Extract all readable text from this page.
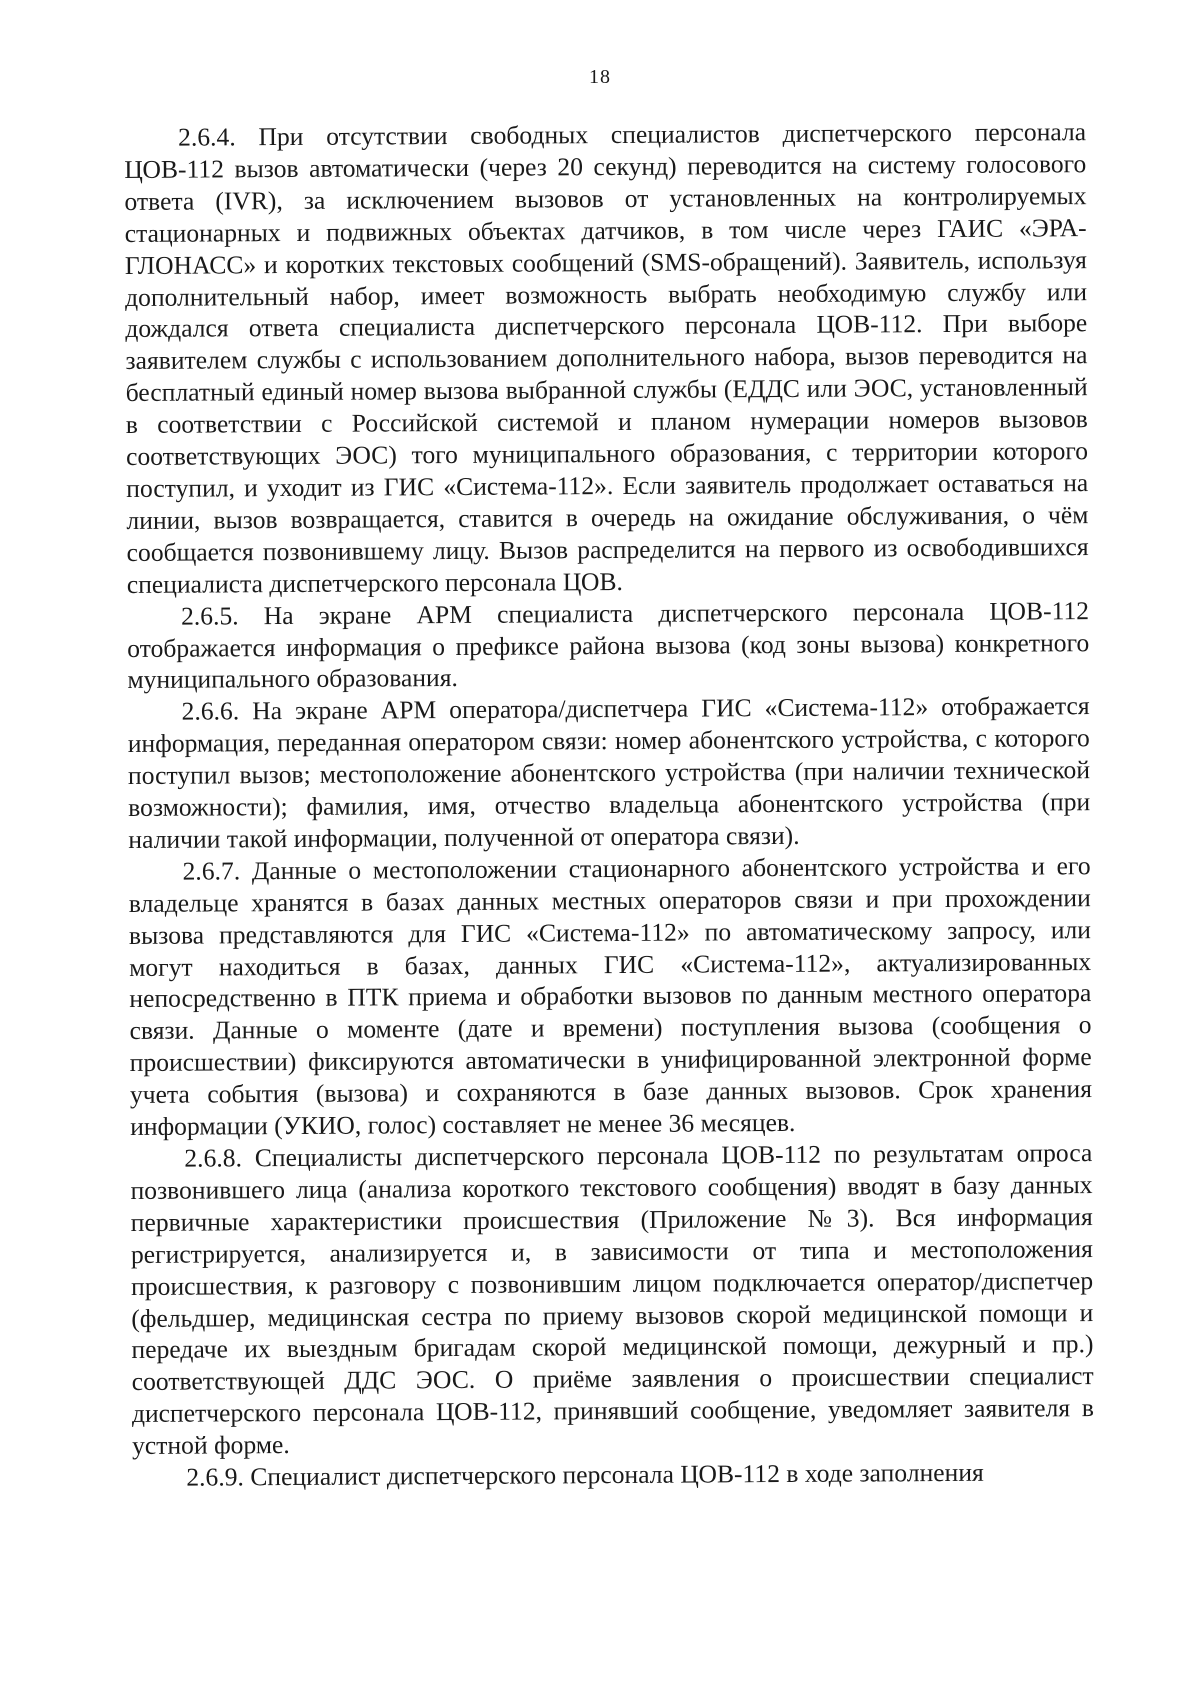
18

2.6.4. При отсутствии свободных специалистов диспетчерского персонала ЦОВ-112 вызов автоматически (через 20 секунд) переводится на систему голосового ответа (IVR), за исключением вызовов от установленных на контролируемых стационарных и подвижных объектах датчиков, в том числе через ГАИС «ЭРА-ГЛОНАСС» и коротких текстовых сообщений (SMS-обращений). Заявитель, используя дополнительный набор, имеет возможность выбрать необходимую службу или дождался ответа специалиста диспетчерского персонала ЦОВ-112. При выборе заявителем службы с использованием дополнительного набора, вызов переводится на бесплатный единый номер вызова выбранной службы (ЕДДС или ЭОС, установленный в соответствии с Российской системой и планом нумерации номеров вызовов соответствующих ЭОС) того муниципального образования, с территории которого поступил, и уходит из ГИС «Система-112». Если заявитель продолжает оставаться на линии, вызов возвращается, ставится в очередь на ожидание обслуживания, о чём сообщается позвонившему лицу. Вызов распределится на первого из освободившихся специалиста диспетчерского персонала ЦОВ.

2.6.5. На экране АРМ специалиста диспетчерского персонала ЦОВ-112 отображается информация о префиксе района вызова (код зоны вызова) конкретного муниципального образования.

2.6.6. На экране АРМ оператора/диспетчера ГИС «Система-112» отображается информация, переданная оператором связи: номер абонентского устройства, с которого поступил вызов; местоположение абонентского устройства (при наличии технической возможности); фамилия, имя, отчество владельца абонентского устройства (при наличии такой информации, полученной от оператора связи).

2.6.7. Данные о местоположении стационарного абонентского устройства и его владельце хранятся в базах данных местных операторов связи и при прохождении вызова представляются для ГИС «Система-112» по автоматическому запросу, или могут находиться в базах, данных ГИС «Система-112», актуализированных непосредственно в ПТК приема и обработки вызовов по данным местного оператора связи. Данные о моменте (дате и времени) поступления вызова (сообщения о происшествии) фиксируются автоматически в унифицированной электронной форме учета события (вызова) и сохраняются в базе данных вызовов. Срок хранения информации (УКИО, голос) составляет не менее 36 месяцев.

2.6.8. Специалисты диспетчерского персонала ЦОВ-112 по результатам опроса позвонившего лица (анализа короткого текстового сообщения) вводят в базу данных первичные характеристики происшествия (Приложение №3). Вся информация регистрируется, анализируется и, в зависимости от типа и местоположения происшествия, к разговору с позвонившим лицом подключается оператор/диспетчер (фельдшер, медицинская сестра по приему вызовов скорой медицинской помощи и передаче их выездным бригадам скорой медицинской помощи, дежурный и пр.) соответствующей ДДС ЭОС. О приёме заявления о происшествии специалист диспетчерского персонала ЦОВ-112, принявший сообщение, уведомляет заявителя в устной форме.

2.6.9. Специалист диспетчерского персонала ЦОВ-112 в ходе заполнения
